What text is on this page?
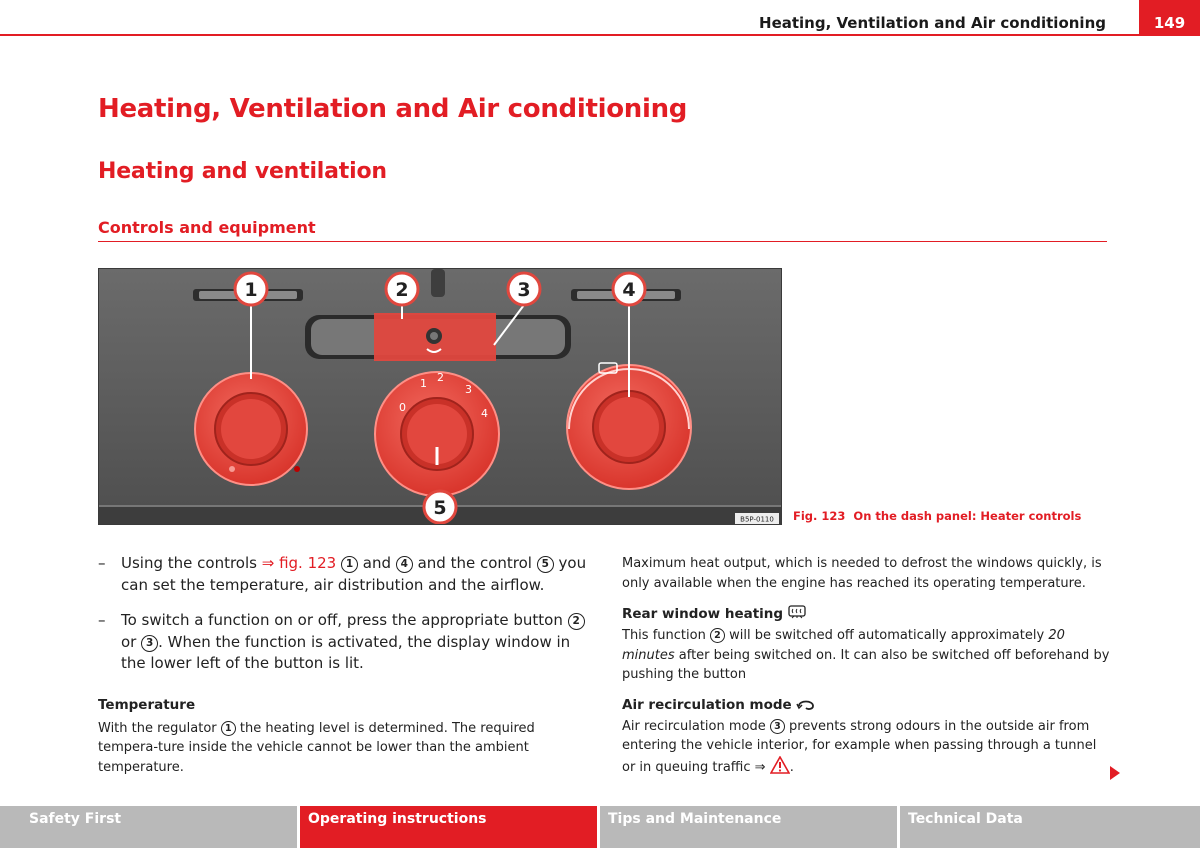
Heating, Ventilation and Air conditioning	149
Heating, Ventilation and Air conditioning
Heating and ventilation
Controls and equipment
0
1 2
3
4
1	2	3	4
5
B5P-0110 Fig. 123 On the dash panel: Heater controls
– Using the controls ⇒ fig. 123 1 and 4 and the control 5 you can set the temperature, air distribution and the airflow.
– To switch a function on or off, press the appropriate button 2 or 3 . When the function is activated, the display window in the lower left of the button is lit.
Temperature
With the regulator 1 the heating level is determined. The required tempera-ture inside the vehicle cannot be lower than the ambient temperature.
Maximum heat output, which is needed to defrost the windows quickly, is only available when the engine has reached its operating temperature.
Rear window heating
This function 2 will be switched off automatically approximately 20 minutes after being switched on. It can also be switched off beforehand by pushing the button
Air recirculation mode
Air recirculation mode 3 prevents strong odours in the outside air from entering the vehicle interior, for example when passing through a tunnel or in queuing traffic ⇒ .
Safety First	Operating instructions	Tips and Maintenance	Technical Data
